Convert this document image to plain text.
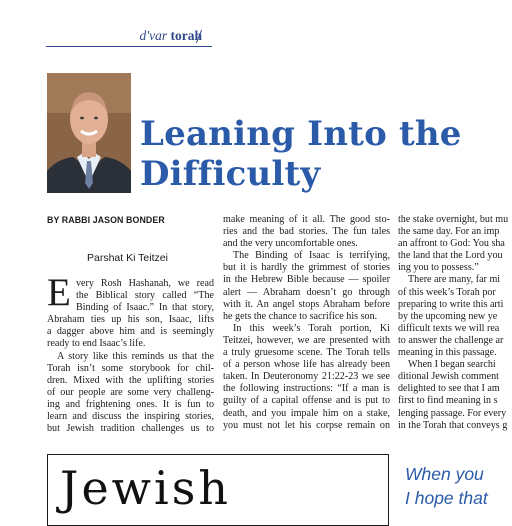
d'var torah
Leaning Into the
Difficulty
BY RABBI JASON BONDER
Parshat Ki Teitzei
E very Rosh Hashanah, we read
the Biblical story called “The
Binding of Isaac.” In that story,
Abraham ties up his son, Isaac, lifts
a dagger above him and is seemingly
ready to end Isaac’s life.
A story like this reminds us that the
Torah isn’t some storybook for chil-
dren. Mixed with the uplifting stories
of our people are some very challeng-
ing and frightening ones. It is fun to
learn and discuss the inspiring stories,
but Jewish tradition challenges us to
make meaning of it all. The good sto-
ries and the bad stories. The fun tales
and the very uncomfortable ones.
The Binding of Isaac is terrifying,
but it is hardly the grimmest of stories
in the Hebrew Bible because — spoiler
alert — Abraham doesn’t go through
with it. An angel stops Abraham before
he gets the chance to sacrifice his son.
In this week’s Torah portion, Ki
Teitzei, however, we are presented with
a truly gruesome scene. The Torah tells
of a person whose life has already been
taken. In Deuteronomy 21:22-23 we see
the following instructions: “If a man is
guilty of a capital offense and is put to
death, and you impale him on a stake,
you must not let his corpse remain on
the stake overnight, but mu
the same day. For an imp
an affront to God: You sha
the land that the Lord you
ing you to possess.”
There are many, far mi
of this week’s Torah por
preparing to write this arti
by the upcoming new ye
difficult texts we will rea
to answer the challenge ar
meaning in this passage.
When I began searchi
ditional Jewish comment
delighted to see that I am
first to find meaning in s
lenging passage. For every
in the Torah that conveys g
Jewish	When you
I hope that
